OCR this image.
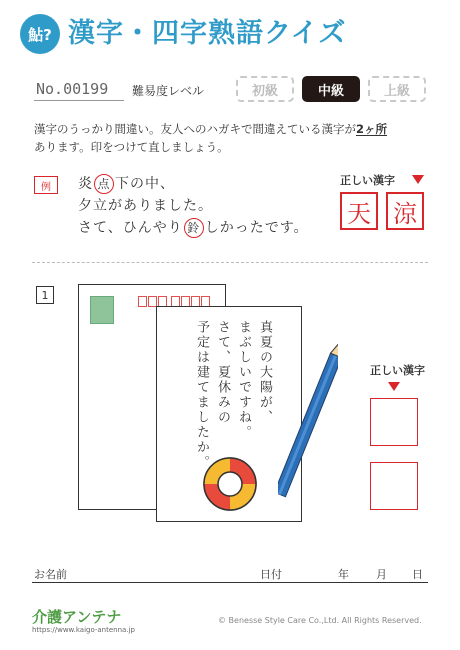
鮎? 漢字・四字熟語クイズ
No.00199 難易度レベル	初級	中級	上級
漢字のうっかり間違い。友人へのハガキで間違えている漢字が2ヶ所
あります。印をつけて直しましょう。
例	炎 点 下の中、
夕立がありました。
さて、ひんやり 鈴 しかったです。
正しい漢字
天 涼
1
真夏の大陽が、
まぶしいですね。
さて、夏休みの
予定は建てましたか。	正しい漢字
お名前	日付	年 月 日
介護アンテナ
https://www.kaigo-antenna.jp
© Benesse Style Care Co.,Ltd. All Rights Reserved.
